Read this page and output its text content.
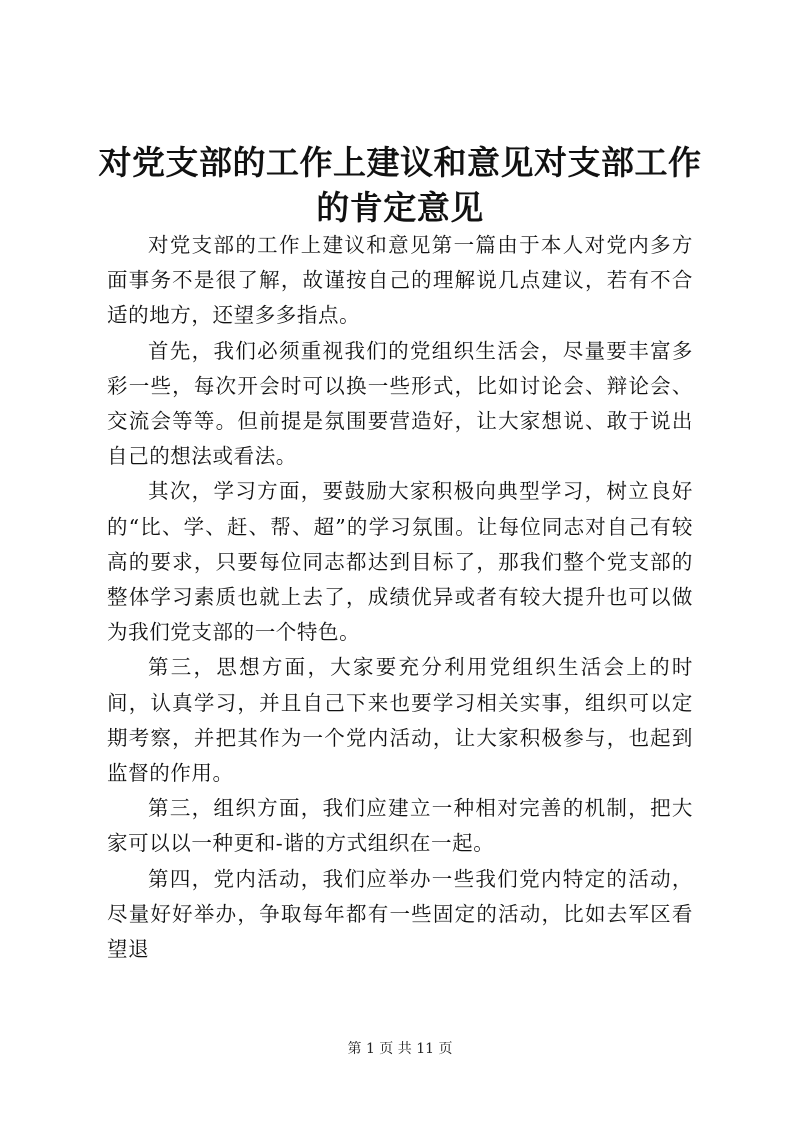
对党支部的工作上建议和意见对支部工作的肯定意见

对党支部的工作上建议和意见第一篇由于本人对党内多方面事务不是很了解，故谨按自己的理解说几点建议，若有不合适的地方，还望多多指点。

首先，我们必须重视我们的党组织生活会，尽量要丰富多彩一些，每次开会时可以换一些形式，比如讨论会、辩论会、交流会等等。但前提是氛围要营造好，让大家想说、敢于说出自己的想法或看法。

其次，学习方面，要鼓励大家积极向典型学习，树立良好的“比、学、赶、帮、超”的学习氛围。让每位同志对自己有较高的要求，只要每位同志都达到目标了，那我们整个党支部的整体学习素质也就上去了，成绩优异或者有较大提升也可以做为我们党支部的一个特色。

第三，思想方面，大家要充分利用党组织生活会上的时间，认真学习，并且自己下来也要学习相关实事，组织可以定期考察，并把其作为一个党内活动，让大家积极参与，也起到监督的作用。

第三，组织方面，我们应建立一种相对完善的机制，把大家可以以一种更和-谐的方式组织在一起。

第四，党内活动，我们应举办一些我们党内特定的活动，尽量好好举办，争取每年都有一些固定的活动，比如去军区看望退

第 1 页 共 11 页
